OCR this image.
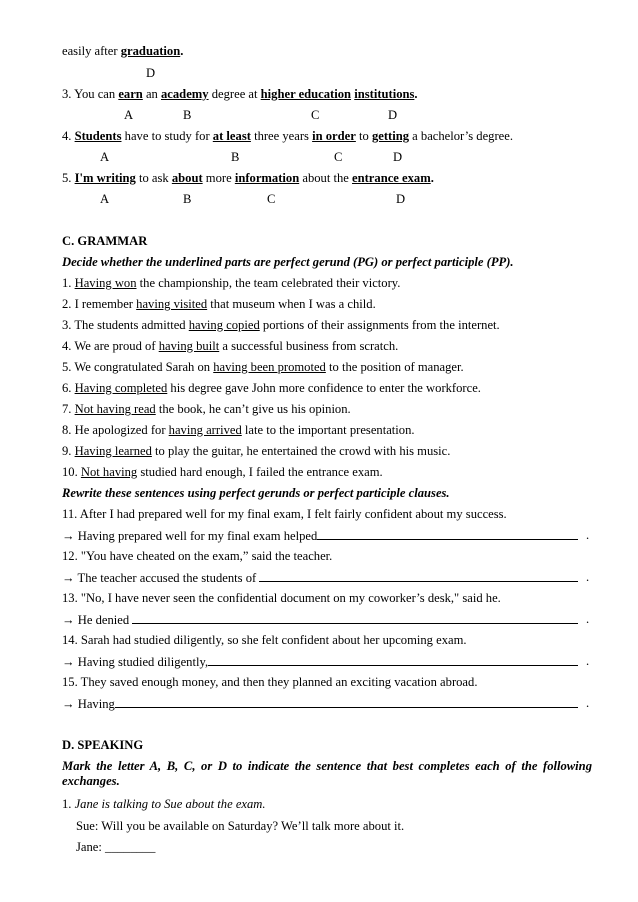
easily after graduation.
D
3. You can earn an academy degree at higher education institutions.
A	B	C	D
4. Students have to study for at least three years in order to getting a bachelor’s degree.
A	B	C	D
5. I'm writing to ask about more information about the entrance exam.
A	B	C	D
C. GRAMMAR
Decide whether the underlined parts are perfect gerund (PG) or perfect participle (PP).
1. Having won the championship, the team celebrated their victory.
2. I remember having visited that museum when I was a child.
3. The students admitted having copied portions of their assignments from the internet.
4. We are proud of having built a successful business from scratch.
5. We congratulated Sarah on having been promoted to the position of manager.
6. Having completed his degree gave John more confidence to enter the workforce.
7. Not having read the book, he can’t give us his opinion.
8. He apologized for having arrived late to the important presentation.
9. Having learned to play the guitar, he entertained the crowd with his music.
10. Not having studied hard enough, I failed the entrance exam.
Rewrite these sentences using perfect gerunds or perfect participle clauses.
11. After I had prepared well for my final exam, I felt fairly confident about my success.
→ Having prepared well for my final exam helped	.
12. "You have cheated on the exam,” said the teacher.
→ The teacher accused the students of	.
13. "No, I have never seen the confidential document on my coworker’s desk," said he.
→ He denied	.
14. Sarah had studied diligently, so she felt confident about her upcoming exam.
→ Having studied diligently,	.
15. They saved enough money, and then they planned an exciting vacation abroad.
→ Having	.
D. SPEAKING
Mark the letter A, B, C, or D to indicate the sentence that best completes each of the following exchanges.
1. Jane is talking to Sue about the exam.
Sue: Will you be available on Saturday? We’ll talk more about it.
Jane: ________
